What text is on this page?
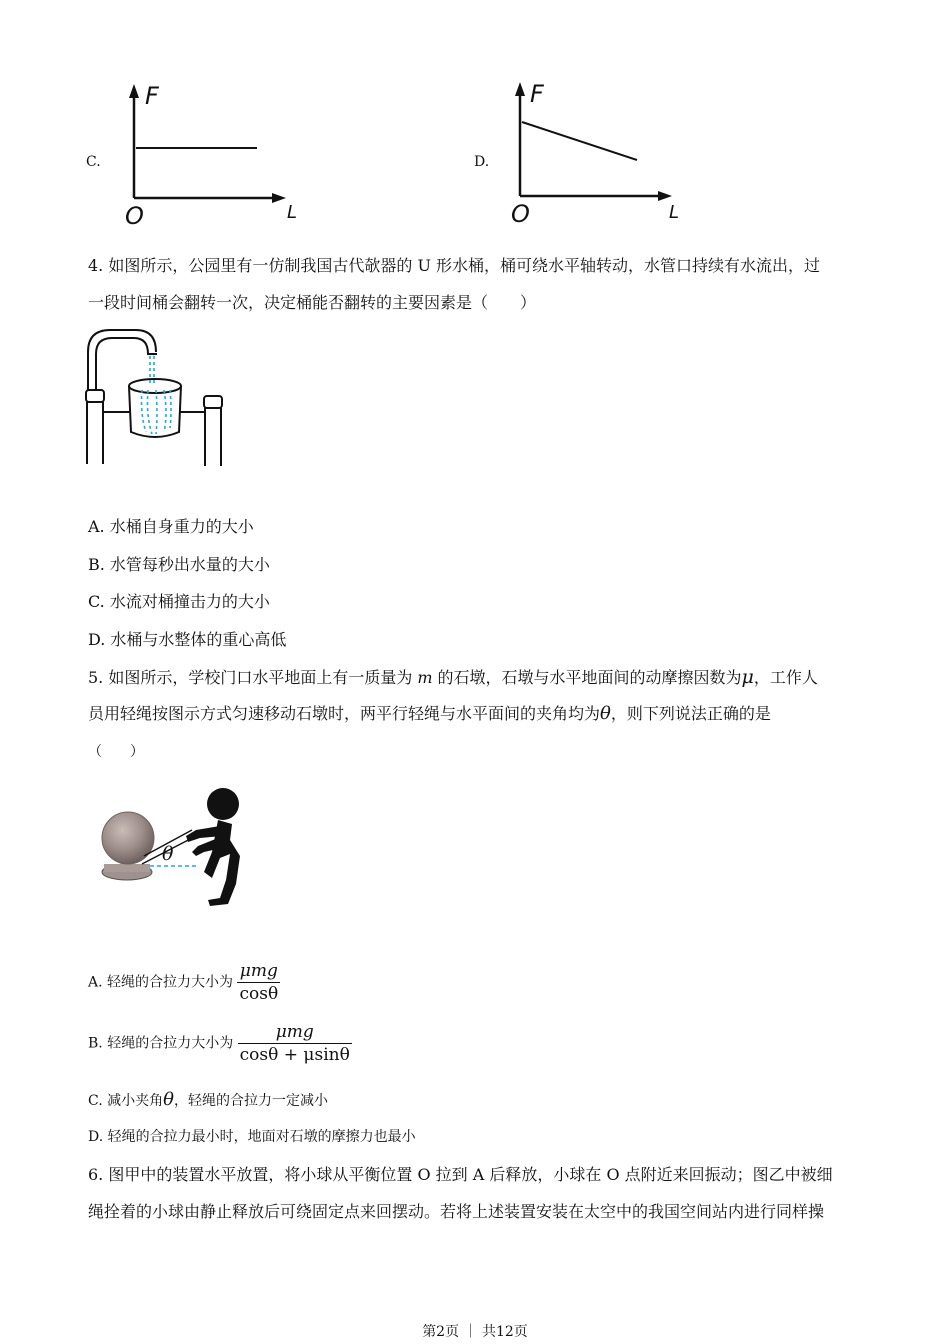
C.
F
L
O
D.
F
L
O
4. 如图所示，公园里有一仿制我国古代欹器的 U 形水桶，桶可绕水平轴转动，水管口持续有水流出，过
一段时间桶会翻转一次，决定桶能否翻转的主要因素是（　　）
A. 水桶自身重力的大小
B. 水管每秒出水量的大小
C. 水流对桶撞击力的大小
D. 水桶与水整体的重心高低
5. 如图所示，学校门口水平地面上有一质量为 m 的石墩，石墩与水平地面间的动摩擦因数为μ，工作人
员用轻绳按图示方式匀速移动石墩时，两平行轻绳与水平面间的夹角均为θ，则下列说法正确的是
（　　）
θ
A. 轻绳的合拉力大小为 $\frac{\text{μmg}}{\cos\theta}$
B. 轻绳的合拉力大小为 $\frac{\text{μmg}}{\cos\theta + \mu\sin\theta}$
C. 减小夹角θ，轻绳的合拉力一定减小
D. 轻绳的合拉力最小时，地面对石墩的摩擦力也最小
6. 图甲中的装置水平放置，将小球从平衡位置 O 拉到 A 后释放，小球在 O 点附近来回振动；图乙中被细
绳拴着的小球由静止释放后可绕固定点来回摆动。若将上述装置安装在太空中的我国空间站内进行同样操
第2页 ｜ 共12页
